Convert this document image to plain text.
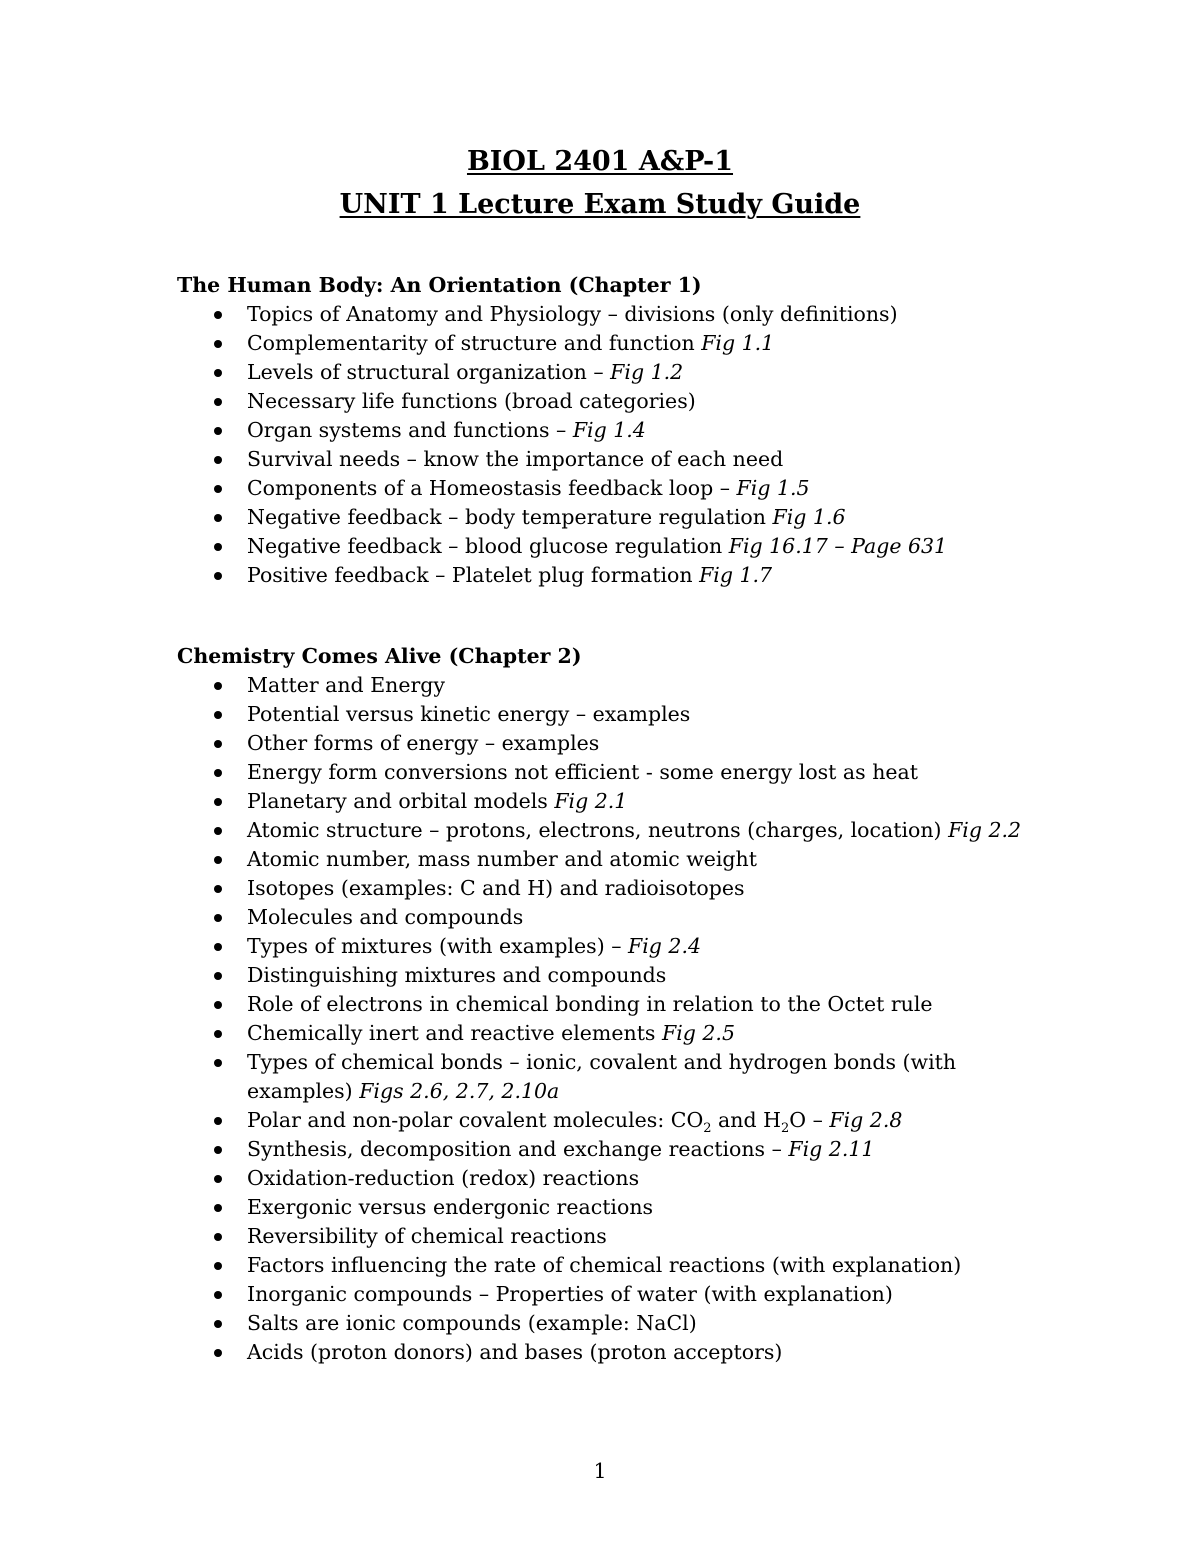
BIOL 2401 A&P-1
UNIT 1 Lecture Exam Study Guide
The Human Body: An Orientation (Chapter 1)
Topics of Anatomy and Physiology – divisions (only definitions)
Complementarity of structure and function Fig 1.1
Levels of structural organization – Fig 1.2
Necessary life functions (broad categories)
Organ systems and functions – Fig 1.4
Survival needs – know the importance of each need
Components of a Homeostasis feedback loop – Fig 1.5
Negative feedback – body temperature regulation Fig 1.6
Negative feedback – blood glucose regulation Fig 16.17 – Page 631
Positive feedback – Platelet plug formation Fig 1.7
Chemistry Comes Alive (Chapter 2)
Matter and Energy
Potential versus kinetic energy – examples
Other forms of energy – examples
Energy form conversions not efficient - some energy lost as heat
Planetary and orbital models Fig 2.1
Atomic structure – protons, electrons, neutrons (charges, location) Fig 2.2
Atomic number, mass number and atomic weight
Isotopes (examples: C and H) and radioisotopes
Molecules and compounds
Types of mixtures (with examples) – Fig 2.4
Distinguishing mixtures and compounds
Role of electrons in chemical bonding in relation to the Octet rule
Chemically inert and reactive elements Fig 2.5
Types of chemical bonds – ionic, covalent and hydrogen bonds (with examples) Figs 2.6, 2.7, 2.10a
Polar and non-polar covalent molecules: $CO_2$ and $H_2O$ – Fig 2.8
Synthesis, decomposition and exchange reactions – Fig 2.11
Oxidation-reduction (redox) reactions
Exergonic versus endergonic reactions
Reversibility of chemical reactions
Factors influencing the rate of chemical reactions (with explanation)
Inorganic compounds – Properties of water (with explanation)
Salts are ionic compounds (example: NaCl)
Acids (proton donors) and bases (proton acceptors)
1
